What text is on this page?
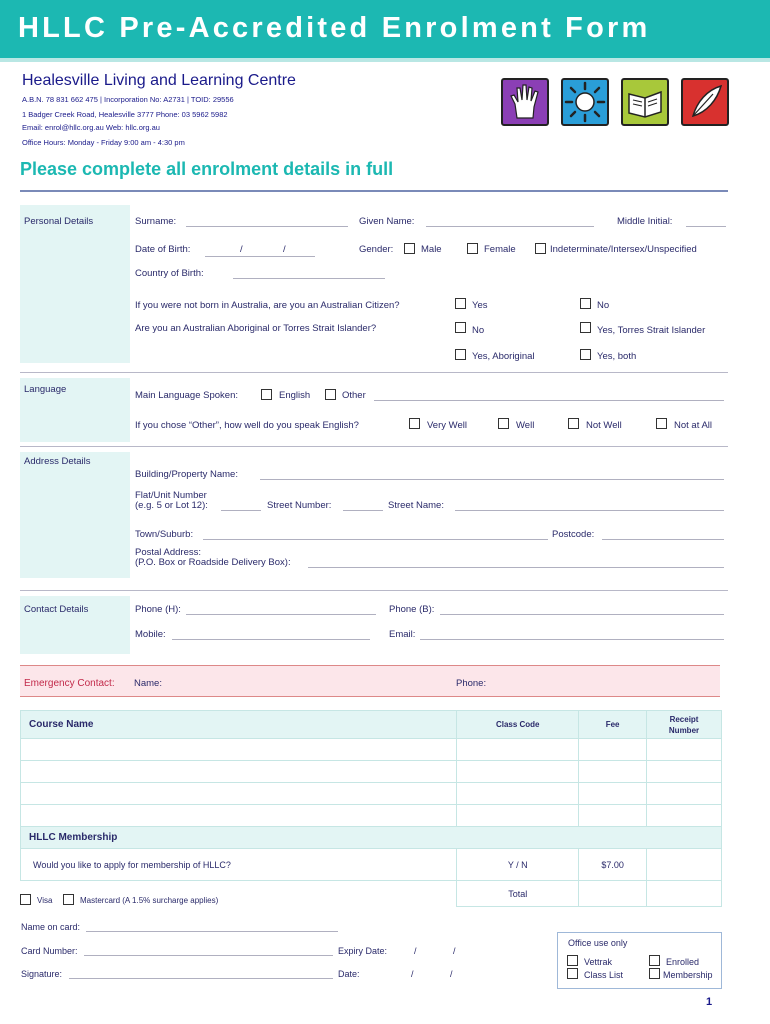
HLLC Pre-Accredited Enrolment Form
Healesville Living and Learning Centre
A.B.N. 78 831 662 475 | Incorporation No: A2731 | TOID: 29556
1 Badger Creek Road, Healesville 3777 Phone: 03 5962 5982
Email: enrol@hllc.org.au Web: hllc.org.au
Office Hours: Monday - Friday 9:00 am - 4:30 pm
Please complete all enrolment details in full
Personal Details	Surname:	Given Name:	Middle Initial:
Date of Birth:	/	/	Gender:	Male	Female	Indeterminate/Intersex/Unspecified
Country of Birth:
If you were not born in Australia, are you an Australian Citizen?	Yes	No
Are you an Australian Aboriginal or Torres Strait Islander?	No	Yes, Torres Strait Islander
Yes, Aboriginal	Yes, both
Language
Main Language Spoken:	English	Other
If you chose “Other”, how well do you speak English?	Very Well	Well	Not Well	Not at All
Address Details
Building/Property Name:
Flat/Unit Number
(e.g. 5 or Lot 12):	Street Number:	Street Name:
Town/Suburb:	Postcode:
Postal Address:
(P.O. Box or Roadside Delivery Box):
Contact Details	Phone (H):	Phone (B):
Mobile:	Email:
Emergency Contact: Name:	Phone:
Course Name	Class Code	Fee	Receipt
Number

HLLC Membership			
Would you like to apply for membership of HLLC?	Y / N	$7.00	
	Total		
Visa	Mastercard (A 1.5% surcharge applies)
Name on card:
Card Number:	Expiry Date:	/	/
Signature:	Date:	/	/
Office use only
Vettrak	Enrolled
Class List	Membership
1
